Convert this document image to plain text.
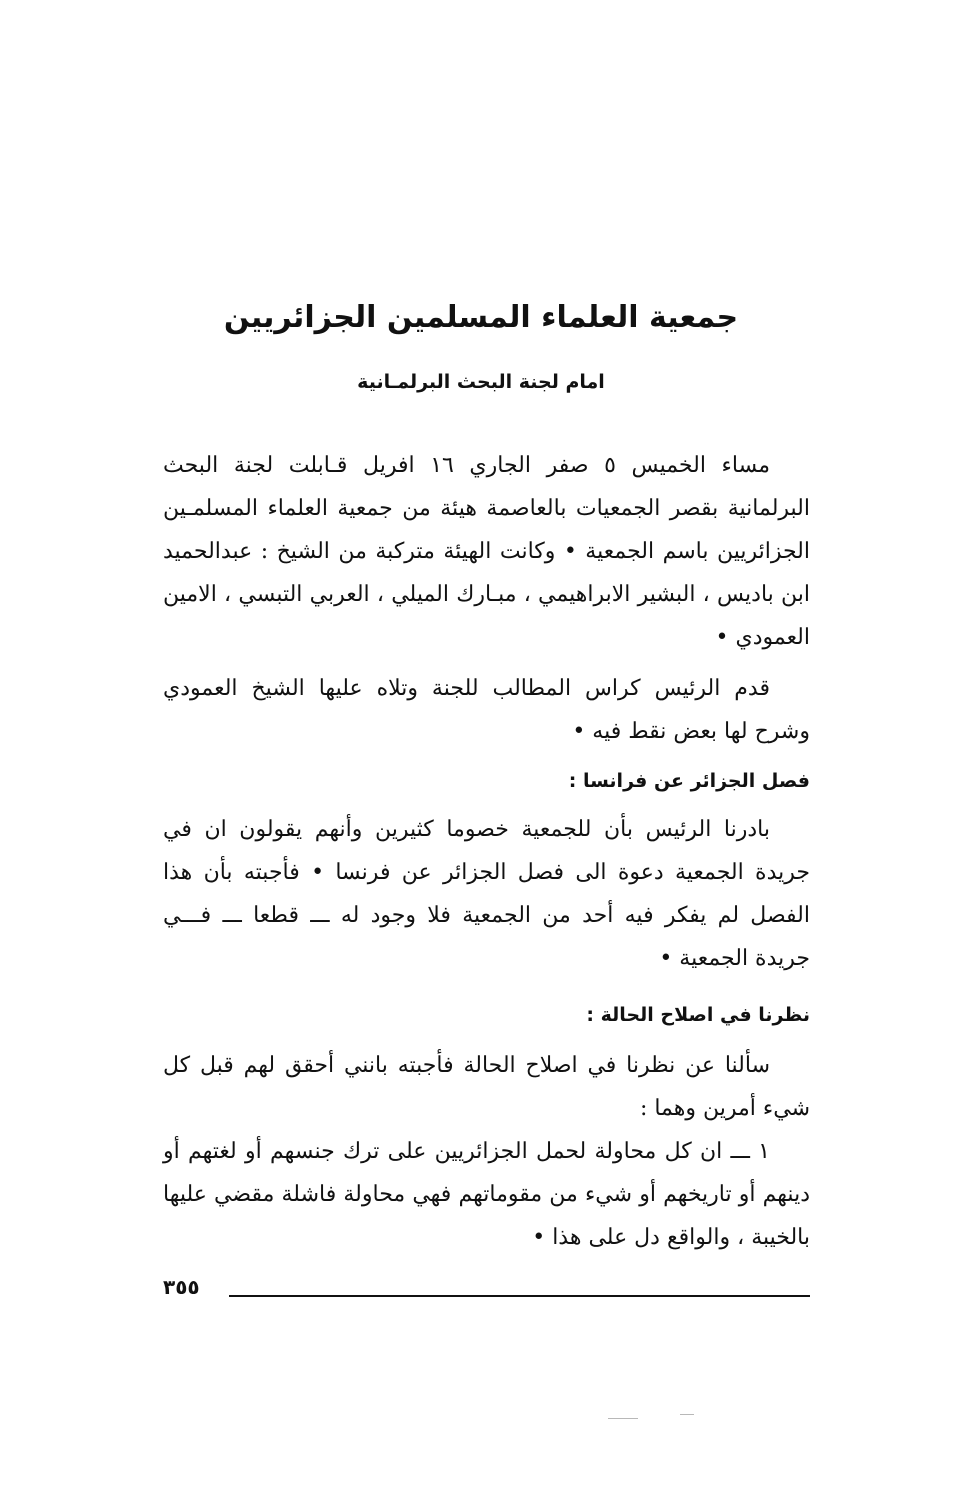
جمعية العلماء المسلمين الجزائريين
امام لجنة البحث البرلمـانية

مساء الخميس ٥ صفر الجاري ١٦ افريل قـابلت لجنة البحث البرلمانية بقصر الجمعيات بالعاصمة هيئة من جمعية العلماء المسلمـين الجزائريين باسم الجمعية • وكانت الهيئة متركبة من الشيخ : عبدالحميد ابن باديس ، البشير الابراهيمي ، مبـارك الميلي ، العربي التبسي ، الامين العمودي •

قدم الرئيس كراس المطالب للجنة وتلاه عليها الشيخ العمودي وشرح لها بعض نقط فيه •

فصل الجزائر عن فرانسا :

بادرنا الرئيس بأن للجمعية خصوما كثيرين وأنهم يقولون ان في جريدة الجمعية دعوة الى فصل الجزائر عن فرنسا • فأجبته بأن هذا الفصل لم يفكر فيه أحد من الجمعية فلا وجود له ـــ قطعا ـــ فـــي جريدة الجمعية •

نظرنا في اصلاح الحالة :

سألنا عن نظرنا في اصلاح الحالة فأجبته بانني أحقق لهم قبل كل شيء أمرين وهما :

١ ـــ ان كل محاولة لحمل الجزائريين على ترك جنسهم أو لغتهم أو دينهم أو تاريخهم أو شيء من مقوماتهم فهي محاولة فاشلة مقضي عليها بالخيبة ، والواقع دل على هذا •

٣٥٥
